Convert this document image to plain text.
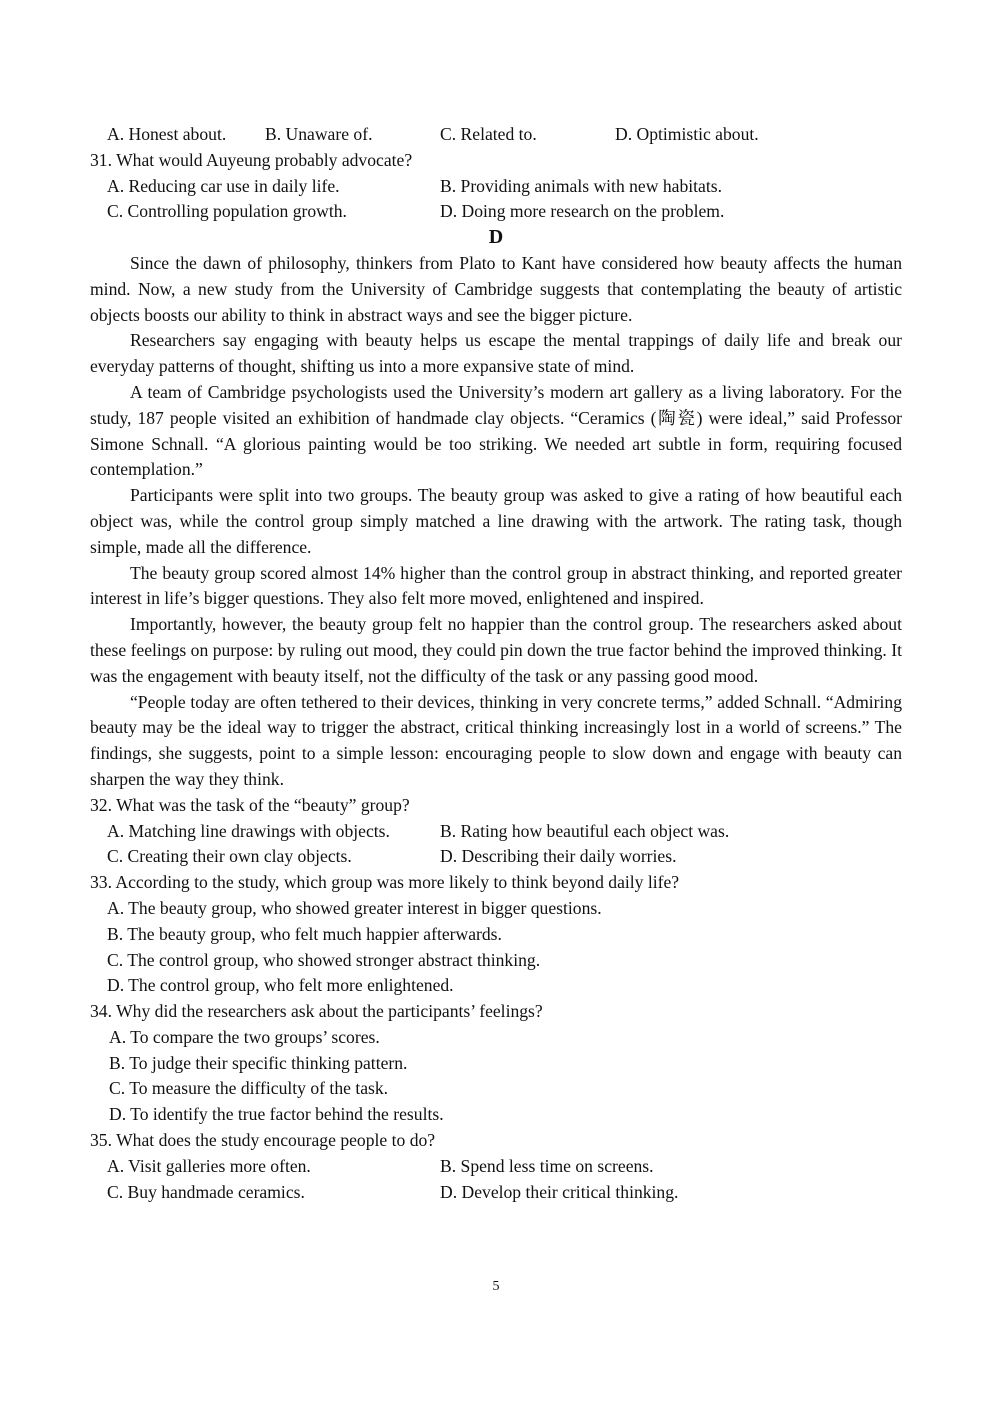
A. Honest about. B. Unaware of.	C. Related to.	D. Optimistic about.
31. What would Auyeung probably advocate?
A. Reducing car use in daily life.	B. Providing animals with new habitats.
C. Controlling population growth.	D. Doing more research on the problem.
D

Since the dawn of philosophy, thinkers from Plato to Kant have considered how beauty affects the human mind. Now, a new study from the University of Cambridge suggests that contemplating the beauty of artistic objects boosts our ability to think in abstract ways and see the bigger picture.

Researchers say engaging with beauty helps us escape the mental trappings of daily life and break our everyday patterns of thought, shifting us into a more expansive state of mind.

A team of Cambridge psychologists used the University’s modern art gallery as a living laboratory. For the study, 187 people visited an exhibition of handmade clay objects. “Ceramics (陶瓷) were ideal,” said Professor Simone Schnall. “A glorious painting would be too striking. We needed art subtle in form, requiring focused contemplation.”

Participants were split into two groups. The beauty group was asked to give a rating of how beautiful each object was, while the control group simply matched a line drawing with the artwork. The rating task, though simple, made all the difference.

The beauty group scored almost 14% higher than the control group in abstract thinking, and reported greater interest in life’s bigger questions. They also felt more moved, enlightened and inspired.

Importantly, however, the beauty group felt no happier than the control group. The researchers asked about these feelings on purpose: by ruling out mood, they could pin down the true factor behind the improved thinking. It was the engagement with beauty itself, not the difficulty of the task or any passing good mood.

“People today are often tethered to their devices, thinking in very concrete terms,” added Schnall. “Admiring beauty may be the ideal way to trigger the abstract, critical thinking increasingly lost in a world of screens.” The findings, she suggests, point to a simple lesson: encouraging people to slow down and engage with beauty can sharpen the way they think.

32. What was the task of the “beauty” group?
A. Matching line drawings with objects.	B. Rating how beautiful each object was.
C. Creating their own clay objects.	D. Describing their daily worries.
33. According to the study, which group was more likely to think beyond daily life?
A. The beauty group, who showed greater interest in bigger questions.
B. The beauty group, who felt much happier afterwards.
C. The control group, who showed stronger abstract thinking.
D. The control group, who felt more enlightened.
34. Why did the researchers ask about the participants’ feelings?
A. To compare the two groups’ scores.
B. To judge their specific thinking pattern.
C. To measure the difficulty of the task.
D. To identify the true factor behind the results.
35. What does the study encourage people to do?
A. Visit galleries more often.	B. Spend less time on screens.
C. Buy handmade ceramics.	D. Develop their critical thinking.
5
